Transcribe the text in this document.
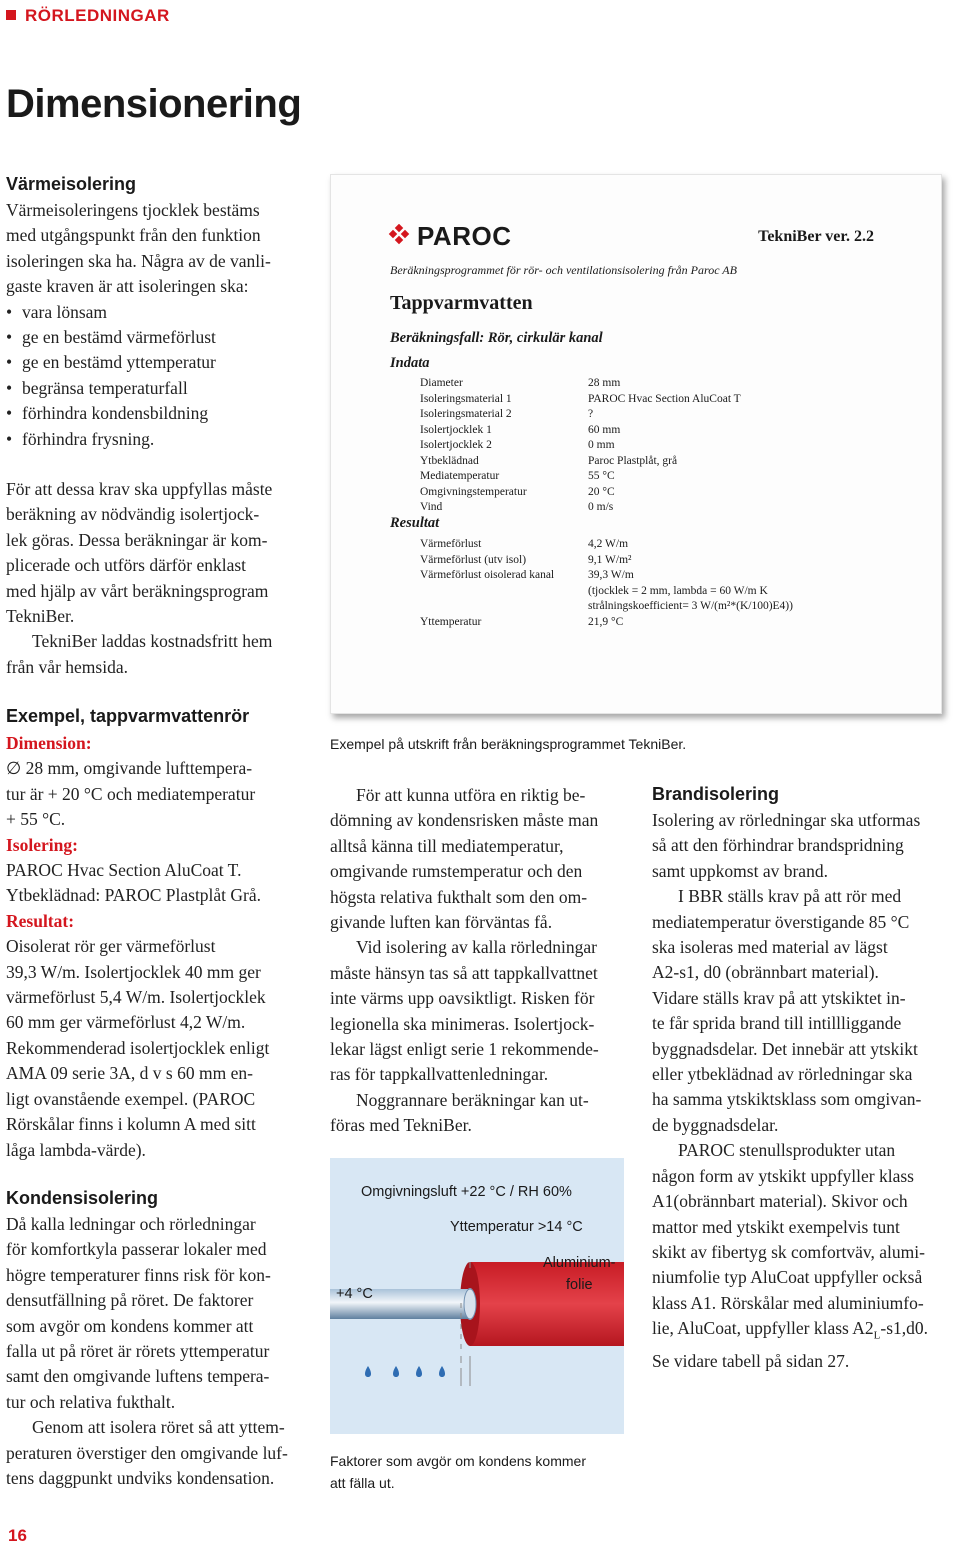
RÖRLEDNINGAR
Dimensionering
Värmeisolering
Värmeisoleringens tjocklek bestäms
med utgångspunkt från den funktion
isoleringen ska ha. Några av de vanli-
gaste kraven är att isoleringen ska:
• vara lönsam
• ge en bestämd värmeförlust
• ge en bestämd yttemperatur
• begränsa temperaturfall
• förhindra kondensbildning
• förhindra frysning.
För att dessa krav ska uppfyllas måste
beräkning av nödvändig isolertjock-
lek göras. Dessa beräkningar är kom-
plicerade och utförs därför enklast
med hjälp av vårt beräkningsprogram
TekniBer.
TekniBer laddas kostnadsfritt hem
från vår hemsida.
Exempel, tappvarmvattenrör
Dimension:
∅ 28 mm, omgivande lufttempera-
tur är + 20 °C och mediatemperatur
+ 55 °C.
Isolering:
PAROC Hvac Section AluCoat T.
Ytbeklädnad: PAROC Plastplåt Grå.
Resultat:
Oisolerat rör ger värmeförlust
39,3 W/m. Isolertjocklek 40 mm ger
värmeförlust 5,4 W/m. Isolertjocklek
60 mm ger värmeförlust 4,2 W/m.
Rekommenderad isolertjocklek enligt
AMA 09 serie 3A, d v s 60 mm en-
ligt ovanstående exempel. (PAROC
Rörskålar finns i kolumn A med sitt
låga lambda-värde).
Kondensisolering
Då kalla ledningar och rörledningar
för komfortkyla passerar lokaler med
högre temperaturer finns risk för kon-
densutfällning på röret. De faktorer
som avgör om kondens kommer att
falla ut på röret är rörets yttemperatur
samt den omgivande luftens tempera-
tur och relativa fukthalt.
Genom att isolera röret så att yttem-
peraturen överstiger den omgivande luf-
tens daggpunkt undviks kondensation.
PAROC	TekniBer ver. 2.2
Beräkningsprogrammet för rör- och ventilationsisolering från Paroc AB
Tappvarmvatten
Beräkningsfall: Rör, cirkulär kanal
Indata
Diameter	28 mm
Isoleringsmaterial 1	PAROC Hvac Section AluCoat T
Isoleringsmaterial 2	?
Isolertjocklek 1	60 mm
Isolertjocklek 2	0 mm
Ytbeklädnad	Paroc Plastplåt, grå
Mediatemperatur	55 °C
Omgivningstemperatur	20 °C
Vind	0 m/s
Resultat
Värmeförlust	4,2 W/m
Värmeförlust (utv isol)	9,1 W/m²
Värmeförlust oisolerad kanal	39,3 W/m
(tjocklek = 2 mm, lambda = 60 W/m K
strålningskoefficient= 3 W/(m²*(K/100)E4))
Yttemperatur	21,9 °C
Exempel på utskrift från beräkningsprogrammet TekniBer.
För att kunna utföra en riktig be-
dömning av kondensrisken måste man
alltså känna till mediatemperatur,
omgivande rumstemperatur och den
högsta relativa fukthalt som den om-
givande luften kan förväntas få.
Vid isolering av kalla rörledningar
måste hänsyn tas så att tappkallvattnet
inte värms upp oavsiktligt. Risken för
legionella ska minimeras. Isolertjock-
lekar lägst enligt serie 1 rekommende-
ras för tappkallvattenledningar.
Noggrannare beräkningar kan ut-
föras med TekniBer.
Omgivningsluft +22 °C / RH 60%
Yttemperatur >14 °C
Aluminium-
folie
+4 °C
Faktorer som avgör om kondens kommer
att fälla ut.
Brandisolering
Isolering av rörledningar ska utformas
så att den förhindrar brandspridning
samt uppkomst av brand.
I BBR ställs krav på att rör med
mediatemperatur överstigande 85 °C
ska isoleras med material av lägst
A2-s1, d0 (obrännbart material).
Vidare ställs krav på att ytskiktet in-
te får sprida brand till intillliggande
byggnadsdelar. Det innebär att ytskikt
eller ytbeklädnad av rörledningar ska
ha samma ytskiktsklass som omgivan-
de byggnadsdelar.
PAROC stenullsprodukter utan
någon form av ytskikt uppfyller klass
A1(obrännbart material). Skivor och
mattor med ytskikt exempelvis tunt
skikt av fibertyg sk comfortväv, alumi-
niumfolie typ AluCoat uppfyller också
klass A1. Rörskålar med aluminiumfo-
lie, AluCoat, uppfyller klass $A2_L-s1,d0$.
Se vidare tabell på sidan 27.
16
